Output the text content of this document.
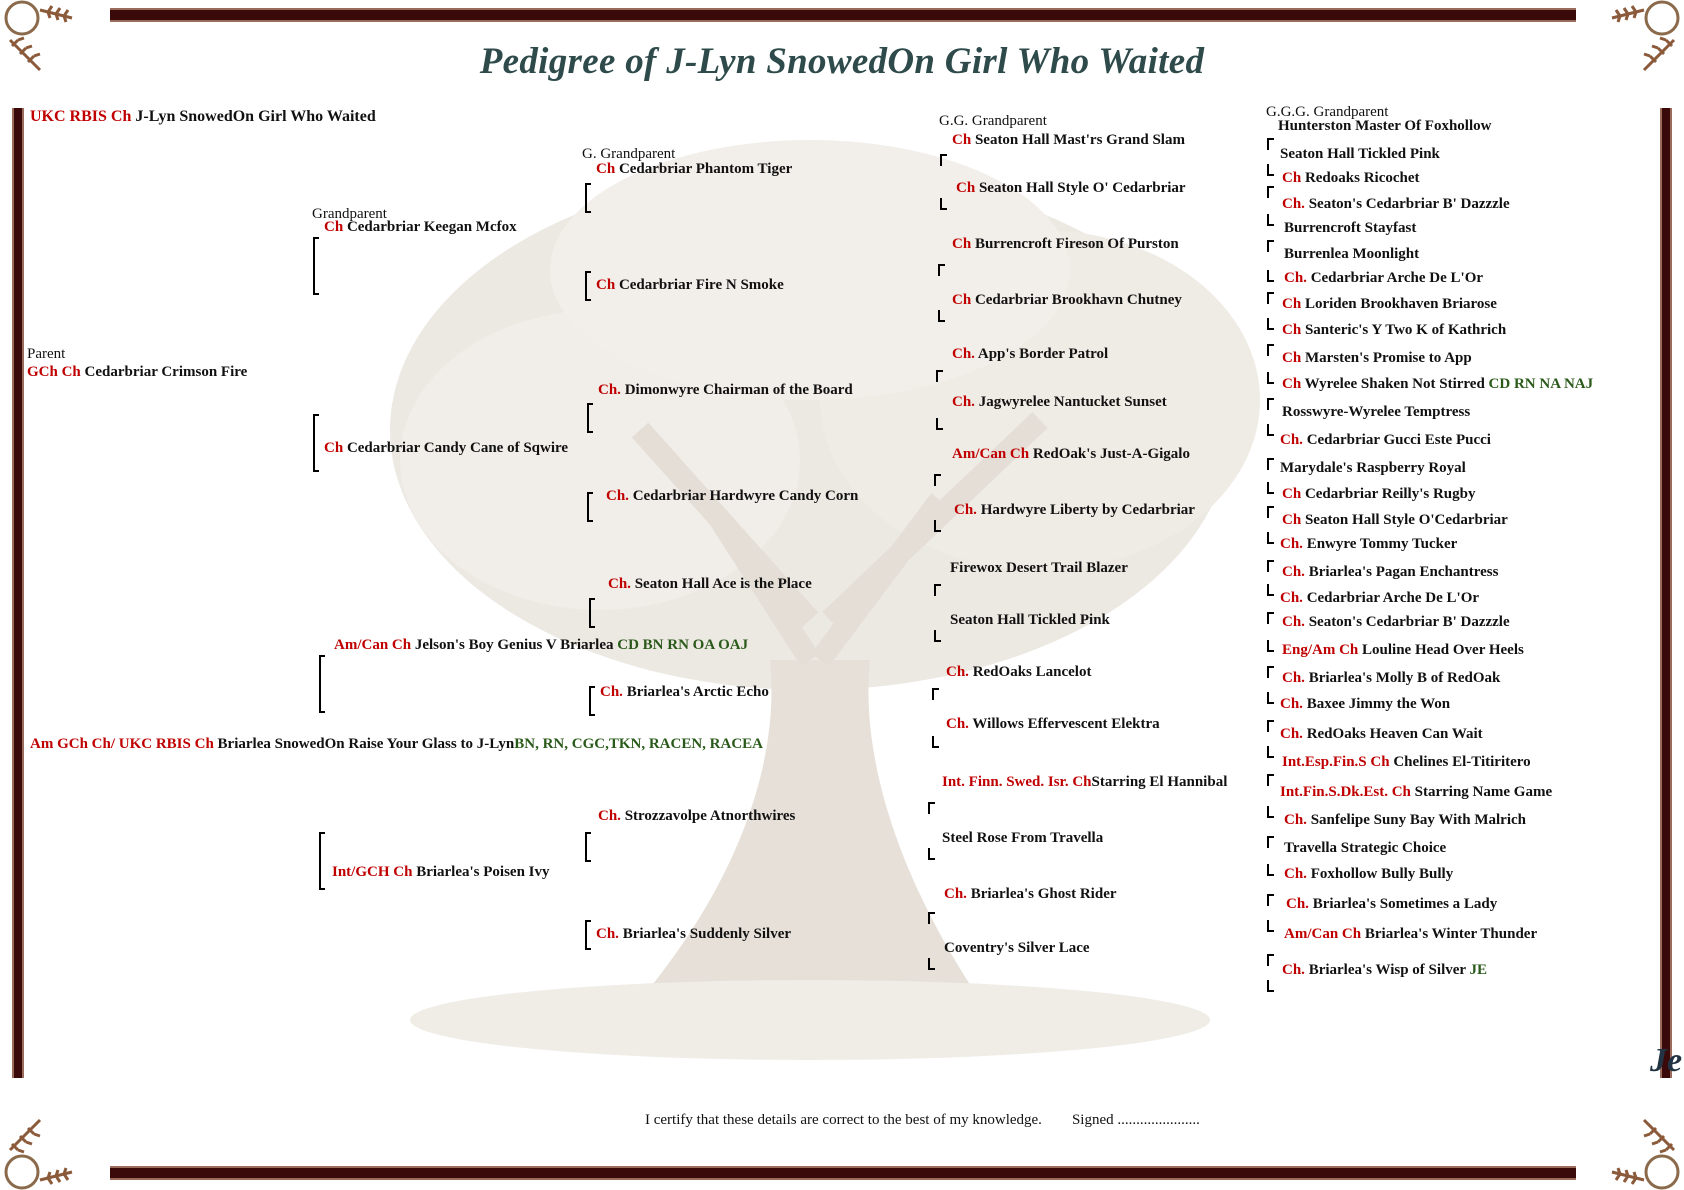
Pedigree of J-Lyn SnowedOn Girl Who Waited
Parent
Grandparent
G. Grandparent
G.G. Grandparent
G.G.G. Grandparent
UKC RBIS Ch J-Lyn SnowedOn Girl Who Waited
GCh Ch Cedarbriar Crimson Fire
Am GCh Ch/ UKC RBIS Ch Briarlea SnowedOn Raise Your Glass to J-LynBN, RN, CGC,TKN, RACEN, RACEA
Ch Cedarbriar Keegan Mcfox
Ch Cedarbriar Candy Cane of Sqwire
Am/Can Ch Jelson's Boy Genius V Briarlea CD BN RN OA OAJ
Int/GCH Ch Briarlea's Poisen Ivy
Ch Cedarbriar Phantom Tiger
Ch Cedarbriar Fire N Smoke
Ch. Dimonwyre Chairman of the Board
Ch. Cedarbriar Hardwyre Candy Corn
Ch. Seaton Hall Ace is the Place
Ch. Briarlea's Arctic Echo
Ch. Strozzavolpe Atnorthwires
Ch. Briarlea's Suddenly Silver
Ch Seaton Hall Mast'rs Grand Slam
Ch Seaton Hall Style O' Cedarbriar
Ch Burrencroft Fireson Of Purston
Ch Cedarbriar Brookhavn Chutney
Ch. App's Border Patrol
Ch. Jagwyrelee Nantucket Sunset
Am/Can Ch RedOak's Just-A-Gigalo
Ch. Hardwyre Liberty by Cedarbriar
Firewox Desert Trail Blazer
Seaton Hall Tickled Pink
Ch. RedOaks Lancelot
Ch. Willows Effervescent Elektra
Int. Finn. Swed. Isr. ChStarring El Hannibal
Steel Rose From Travella
Ch. Briarlea's Ghost Rider
Coventry's Silver Lace
Hunterston Master Of Foxhollow
Seaton Hall Tickled Pink
Ch Redoaks Ricochet
Ch. Seaton's Cedarbriar B' Dazzzle
Burrencroft Stayfast
Burrenlea Moonlight
Ch. Cedarbriar Arche De L'Or
Ch Loriden Brookhaven Briarose
Ch Santeric's Y Two K of Kathrich
Ch Marsten's Promise to App
Ch Wyrelee Shaken Not Stirred CD RN NA NAJ
Rosswyre-Wyrelee Temptress
Ch. Cedarbriar Gucci Este Pucci
Marydale's Raspberry Royal
Ch Cedarbriar Reilly's Rugby
Ch Seaton Hall Style O'Cedarbriar
Ch. Enwyre Tommy Tucker
Ch. Briarlea's Pagan Enchantress
Ch. Cedarbriar Arche De L'Or
Ch. Seaton's Cedarbriar B' Dazzzle
Eng/Am Ch Louline Head Over Heels
Ch. Briarlea's Molly B of RedOak
Ch. Baxee Jimmy the Won
Ch. RedOaks Heaven Can Wait
Int.Esp.Fin.S Ch Chelines El-Titiritero
Int.Fin.S.Dk.Est. Ch Starring Name Game
Ch. Sanfelipe Suny Bay With Malrich
Travella Strategic Choice
Ch. Foxhollow Bully Bully
Ch. Briarlea's Sometimes a Lady
Am/Can Ch Briarlea's Winter Thunder
Ch. Briarlea's Wisp of Silver JE
I certify that these details are correct to the best of my knowledge. Signed ......................
Je
